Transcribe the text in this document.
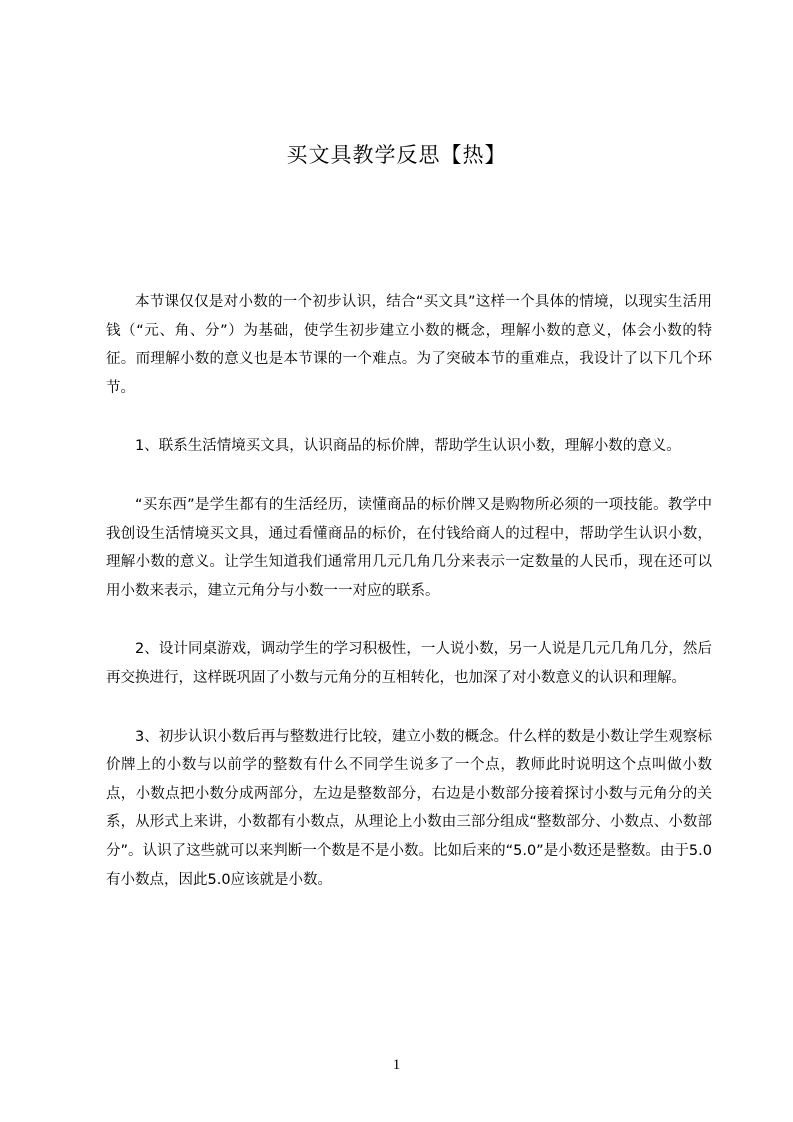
买文具教学反思【热】

本节课仅仅是对小数的一个初步认识，结合“买文具”这样一个具体的情境，以现实生活用钱（“元、角、分”）为基础，使学生初步建立小数的概念，理解小数的意义，体会小数的特征。而理解小数的意义也是本节课的一个难点。为了突破本节的重难点，我设计了以下几个环节。

1、联系生活情境买文具，认识商品的标价牌，帮助学生认识小数，理解小数的意义。

“买东西”是学生都有的生活经历，读懂商品的标价牌又是购物所必须的一项技能。教学中我创设生活情境买文具，通过看懂商品的标价，在付钱给商人的过程中，帮助学生认识小数，理解小数的意义。让学生知道我们通常用几元几角几分来表示一定数量的人民币，现在还可以用小数来表示，建立元角分与小数一一对应的联系。

2、设计同桌游戏，调动学生的学习积极性，一人说小数，另一人说是几元几角几分，然后再交换进行，这样既巩固了小数与元角分的互相转化，也加深了对小数意义的认识和理解。

3、初步认识小数后再与整数进行比较，建立小数的概念。什么样的数是小数让学生观察标价牌上的小数与以前学的整数有什么不同学生说多了一个点，教师此时说明这个点叫做小数点，小数点把小数分成两部分，左边是整数部分，右边是小数部分接着探讨小数与元角分的关系，从形式上来讲，小数都有小数点，从理论上小数由三部分组成“整数部分、小数点、小数部分”。认识了这些就可以来判断一个数是不是小数。比如后来的“5.0”是小数还是整数。由于5.0有小数点，因此5.0应该就是小数。

1
